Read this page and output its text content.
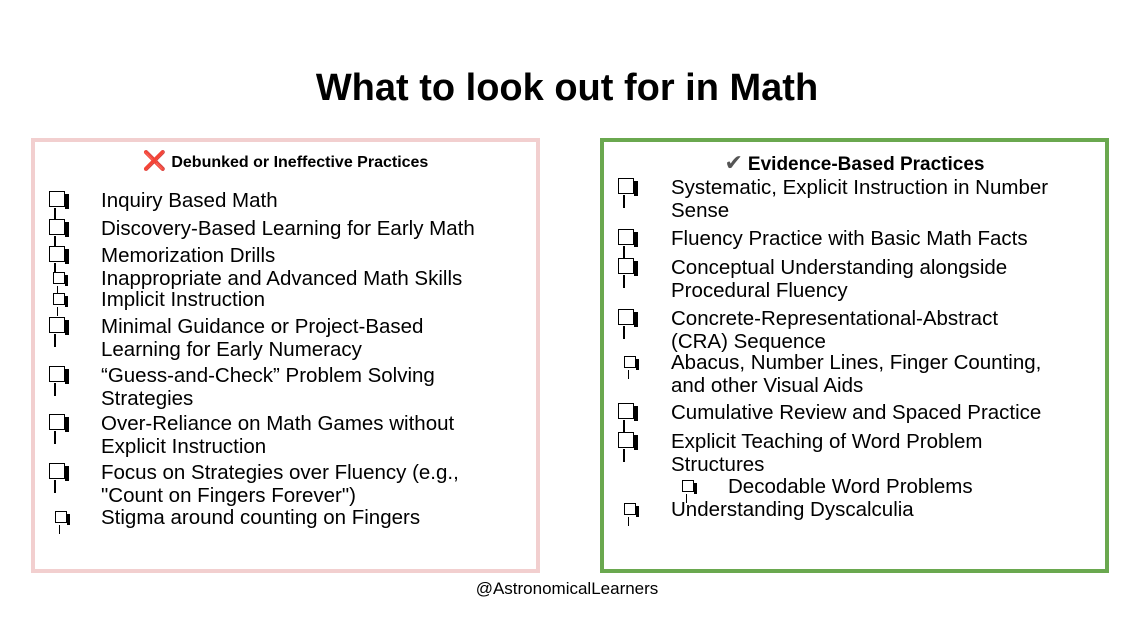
What to look out for in Math
❌ Debunked or Ineffective Practices
Inquiry Based Math
Discovery-Based Learning for Early Math
Memorization Drills
Inappropriate and Advanced Math Skills
Implicit Instruction
Minimal Guidance or Project-Based
Learning for Early Numeracy
“Guess-and-Check” Problem Solving
Strategies
Over-Reliance on Math Games without
Explicit Instruction
Focus on Strategies over Fluency (e.g.,
"Count on Fingers Forever")
Stigma around counting on Fingers
✔ Evidence-Based Practices
Systematic, Explicit Instruction in Number
Sense
Fluency Practice with Basic Math Facts
Conceptual Understanding alongside
Procedural Fluency
Concrete-Representational-Abstract
(CRA) Sequence
Abacus, Number Lines, Finger Counting,
and other Visual Aids
Cumulative Review and Spaced Practice
Explicit Teaching of Word Problem
Structures
Decodable Word Problems
Understanding Dyscalculia
@AstronomicalLearners
